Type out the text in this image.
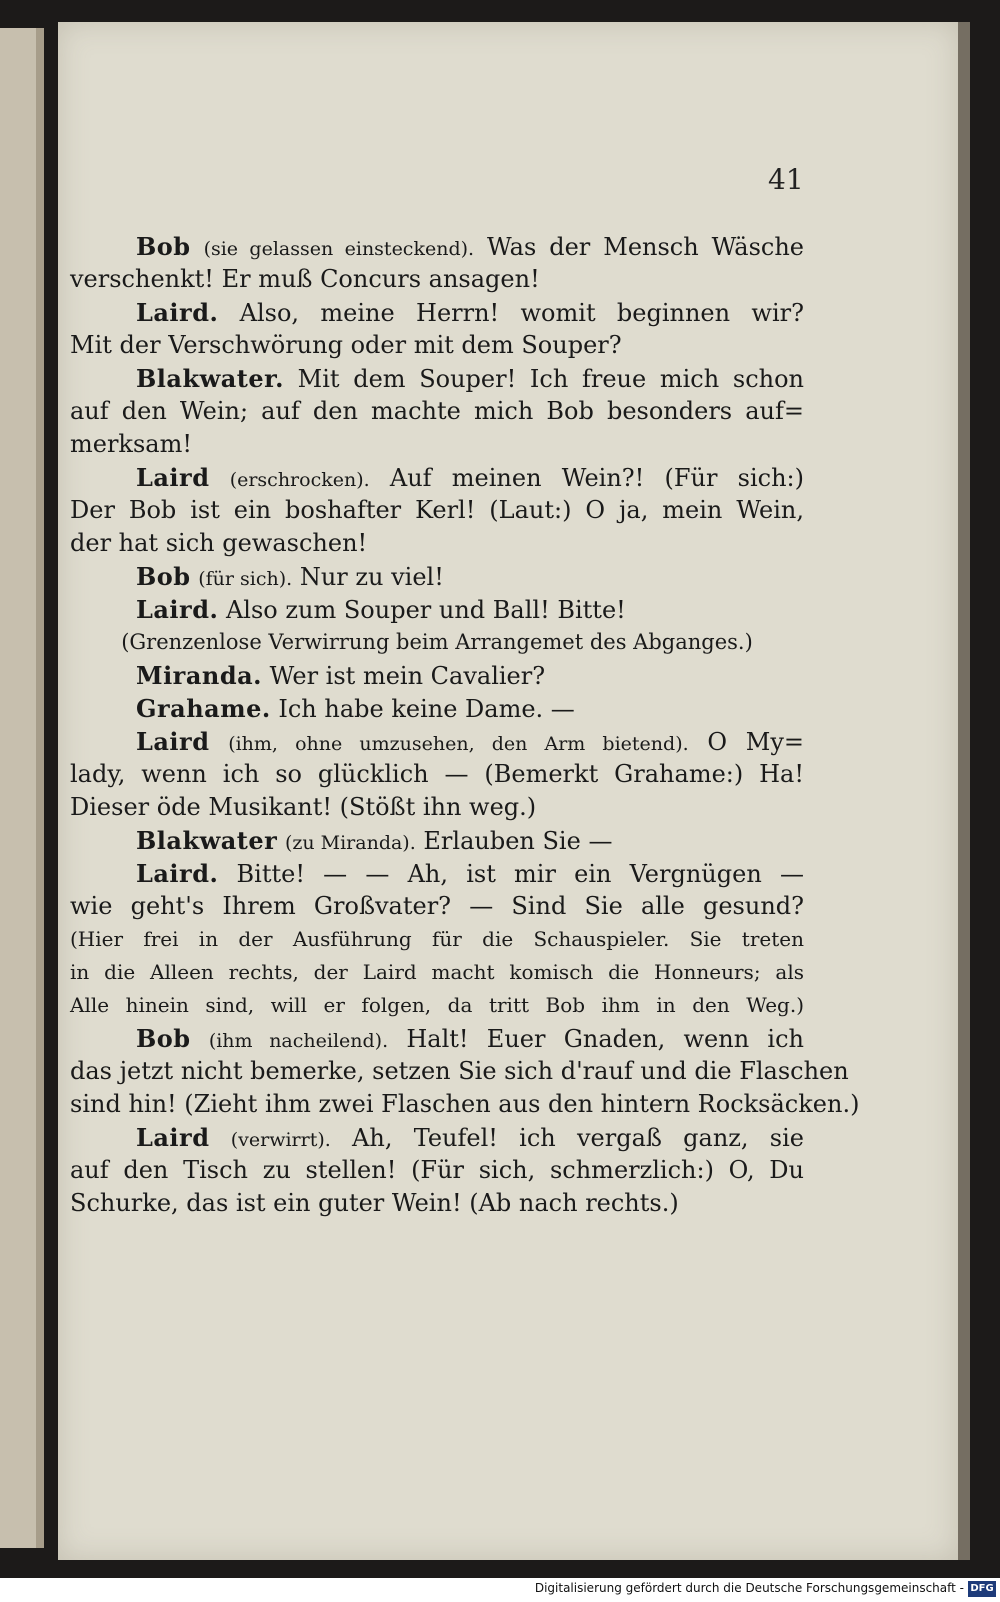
41
Bob (sie gelassen einsteckend). Was der Mensch Wäsche
verschenkt! Er muß Concurs ansagen!
Laird. Also, meine Herrn! womit beginnen wir?
Mit der Verschwörung oder mit dem Souper?
Blakwater. Mit dem Souper! Ich freue mich schon
auf den Wein; auf den machte mich Bob besonders auf=
merksam!
Laird (erschrocken). Auf meinen Wein?! (Für sich:)
Der Bob ist ein boshafter Kerl! (Laut:) O ja, mein Wein,
der hat sich gewaschen!
Bob (für sich). Nur zu viel!
Laird. Also zum Souper und Ball! Bitte!
(Grenzenlose Verwirrung beim Arrangemet des Abganges.)
Miranda. Wer ist mein Cavalier?
Grahame. Ich habe keine Dame. —
Laird (ihm, ohne umzusehen, den Arm bietend). O My=
lady, wenn ich so glücklich — (Bemerkt Grahame:) Ha!
Dieser öde Musikant! (Stößt ihn weg.)
Blakwater (zu Miranda). Erlauben Sie —
Laird. Bitte! — — Ah, ist mir ein Vergnügen —
wie geht's Ihrem Großvater? — Sind Sie alle gesund?
(Hier frei in der Ausführung für die Schauspieler. Sie treten
in die Alleen rechts, der Laird macht komisch die Honneurs; als
Alle hinein sind, will er folgen, da tritt Bob ihm in den Weg.)
Bob (ihm nacheilend). Halt! Euer Gnaden, wenn ich
das jetzt nicht bemerke, setzen Sie sich d'rauf und die Flaschen
sind hin! (Zieht ihm zwei Flaschen aus den hintern Rocksäcken.)
Laird (verwirrt). Ah, Teufel! ich vergaß ganz, sie
auf den Tisch zu stellen! (Für sich, schmerzlich:) O, Du
Schurke, das ist ein guter Wein! (Ab nach rechts.)
Digitalisierung gefördert durch die Deutsche Forschungsgemeinschaft - DFG
